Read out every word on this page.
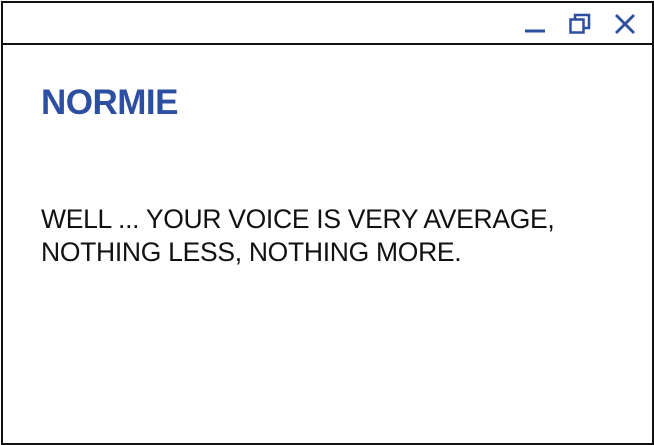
NORMIE

WELL ... YOUR VOICE IS VERY AVERAGE,
NOTHING LESS, NOTHING MORE.
